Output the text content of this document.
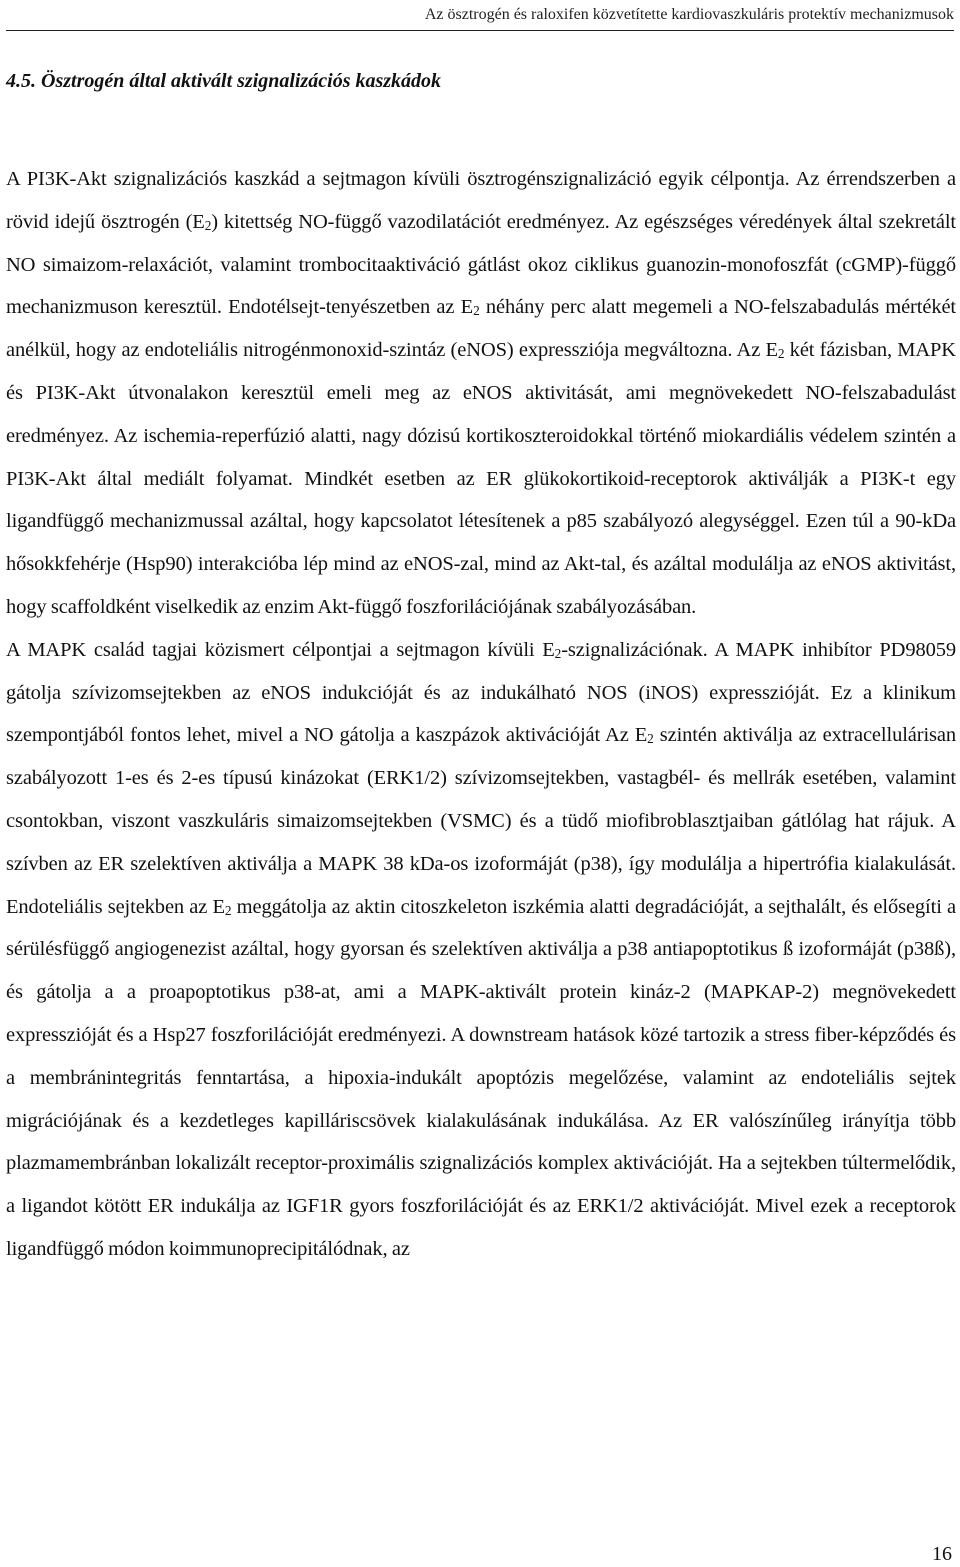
Az ösztrogén és raloxifen közvetítette kardiovaszkuláris protektív mechanizmusok
4.5. Ösztrogén által aktivált szignalizációs kaszkádok

A PI3K-Akt szignalizációs kaszkád a sejtmagon kívüli ösztrogénszignalizáció egyik célpontja. Az érrendszerben a rövid idejű ösztrogén (E2) kitettség NO-függő vazodilatációt eredményez. Az egészséges véredények által szekretált NO simaizom-relaxációt, valamint trombocitaaktiváció gátlást okoz ciklikus guanozin-monofoszfát (cGMP)-függő mechanizmuson keresztül. Endotélsejt-tenyészetben az E2 néhány perc alatt megemeli a NO-felszabadulás mértékét anélkül, hogy az endoteliális nitrogénmonoxid-szintáz (eNOS) expressziója megváltozna. Az E2 két fázisban, MAPK és PI3K-Akt útvonalakon keresztül emeli meg az eNOS aktivitását, ami megnövekedett NO-felszabadulást eredményez. Az ischemia-reperfúzió alatti, nagy dózisú kortikoszteroidokkal történő miokardiális védelem szintén a PI3K-Akt által mediált folyamat. Mindkét esetben az ER glükokortikoid-receptorok aktiválják a PI3K-t egy ligandfüggő mechanizmussal azáltal, hogy kapcsolatot létesítenek a p85 szabályozó alegységgel. Ezen túl a 90-kDa hősokkfehérje (Hsp90) interakcióba lép mind az eNOS-zal, mind az Akt-tal, és azáltal modulálja az eNOS aktivitást, hogy scaffoldként viselkedik az enzim Akt-függő foszforilációjának szabályozásában.

A MAPK család tagjai közismert célpontjai a sejtmagon kívüli E2-szignalizációnak. A MAPK inhibítor PD98059 gátolja szívizomsejtekben az eNOS indukcióját és az indukálható NOS (iNOS) expresszióját. Ez a klinikum szempontjából fontos lehet, mivel a NO gátolja a kaszpázok aktivációját Az E2 szintén aktiválja az extracellulárisan szabályozott 1-es és 2-es típusú kinázokat (ERK1/2) szívizomsejtekben, vastagbél- és mellrák esetében, valamint csontokban, viszont vaszkuláris simaizomsejtekben (VSMC) és a tüdő miofibroblasztjaiban gátlólag hat rájuk. A szívben az ER szelektíven aktiválja a MAPK 38 kDa-os izoformáját (p38), így modulálja a hipertrófia kialakulását. Endoteliális sejtekben az E2 meggátolja az aktin citoszkeleton iszkémia alatti degradációját, a sejthalált, és elősegíti a sérülésfüggő angiogenezist azáltal, hogy gyorsan és szelektíven aktiválja a p38 antiapoptotikus ß izoformáját (p38ß), és gátolja a a proapoptotikus p38-at, ami a MAPK-aktivált protein kináz-2 (MAPKAP-2) megnövekedett expresszióját és a Hsp27 foszforilációját eredményezi. A downstream hatások közé tartozik a stress fiber-képződés és a membránintegritás fenntartása, a hipoxia-indukált apoptózis megelőzése, valamint az endoteliális sejtek migrációjának és a kezdetleges kapilláriscsövek kialakulásának indukálása. Az ER valószínűleg irányítja több plazmamembránban lokalizált receptor-proximális szignalizációs komplex aktivációját. Ha a sejtekben túltermelődik, a ligandot kötött ER indukálja az IGF1R gyors foszforilációját és az ERK1/2 aktivációját. Mivel ezek a receptorok ligandfüggő módon koimmunoprecipitálódnak, az

16
